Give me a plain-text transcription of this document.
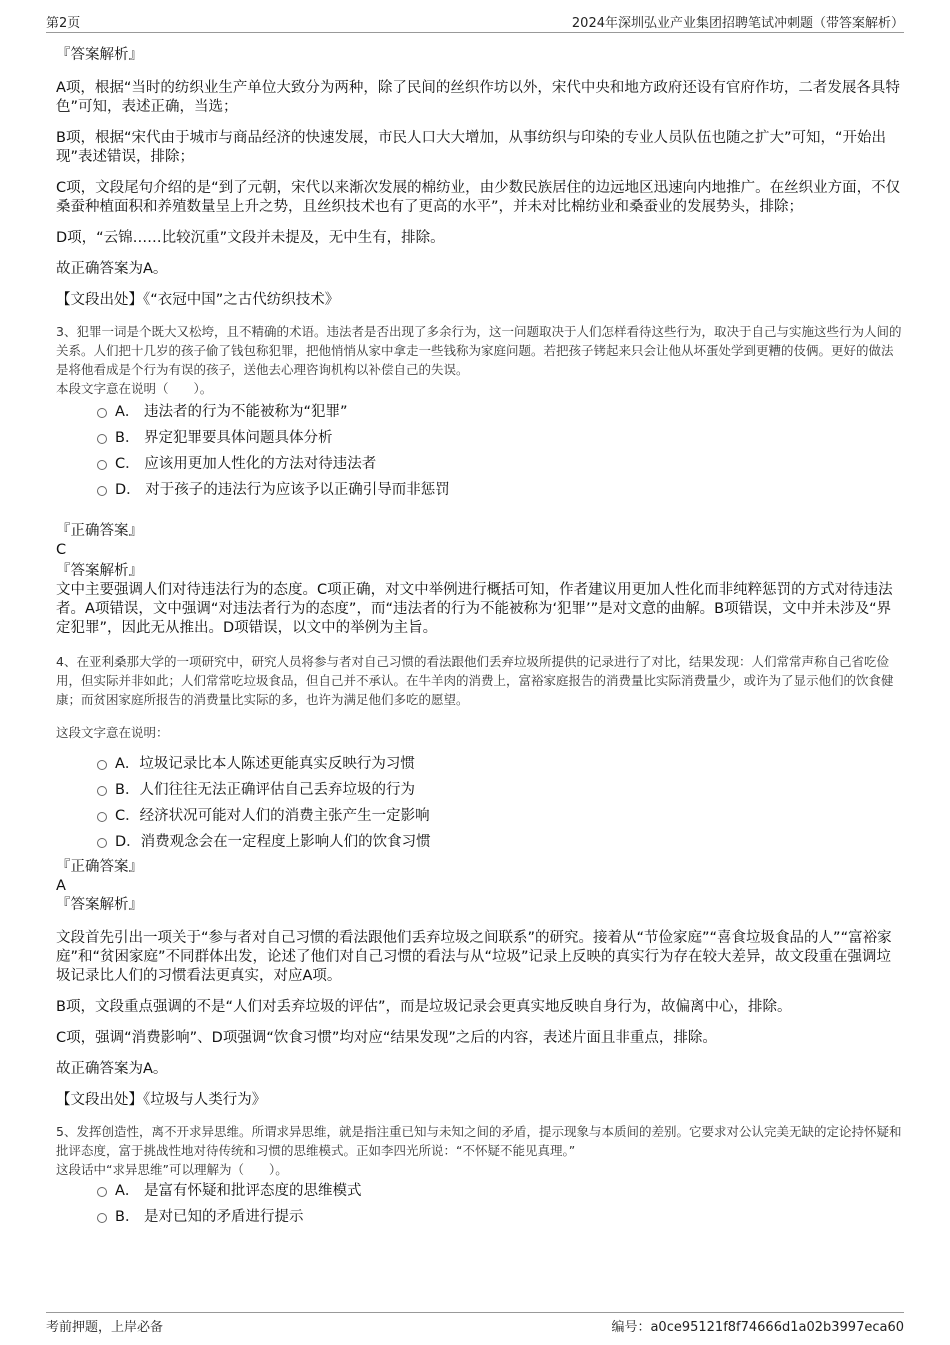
第2页	2024年深圳弘业产业集团招聘笔试冲刺题（带答案解析）

『答案解析』

A项，根据“当时的纺织业生产单位大致分为两种，除了民间的丝织作坊以外，宋代中央和地方政府还设有官府作坊，二者发展各具特色”可知，表述正确，当选；

B项，根据“宋代由于城市与商品经济的快速发展，市民人口大大增加，从事纺织与印染的专业人员队伍也随之扩大”可知，“开始出现”表述错误，排除；

C项，文段尾句介绍的是“到了元朝，宋代以来渐次发展的棉纺业，由少数民族居住的边远地区迅速向内地推广。在丝织业方面，不仅桑蚕种植面积和养殖数量呈上升之势，且丝织技术也有了更高的水平”，并未对比棉纺业和桑蚕业的发展势头，排除；

D项，“云锦……比较沉重”文段并未提及，无中生有，排除。

故正确答案为A。

【文段出处】《“衣冠中国”之古代纺织技术》

3、犯罪一词是个既大又松垮，且不精确的术语。违法者是否出现了多余行为，这一问题取决于人们怎样看待这些行为，取决于自己与实施这些行为人间的关系。人们把十几岁的孩子偷了钱包称犯罪，把他悄悄从家中拿走一些钱称为家庭问题。若把孩子铐起来只会让他从坏蛋处学到更糟的伎俩。更好的做法是将他看成是个行为有误的孩子，送他去心理咨询机构以补偿自己的失误。

本段文字意在说明（　　）。

A． 违法者的行为不能被称为“犯罪”
B． 界定犯罪要具体问题具体分析
C． 应该用更加人性化的方法对待违法者
D． 对于孩子的违法行为应该予以正确引导而非惩罚

『正确答案』

C

『答案解析』

文中主要强调人们对待违法行为的态度。C项正确，对文中举例进行概括可知，作者建议用更加人性化而非纯粹惩罚的方式对待违法者。A项错误，文中强调“对违法者行为的态度”，而“违法者的行为不能被称为‘犯罪’”是对文意的曲解。B项错误，文中并未涉及“界定犯罪”，因此无从推出。D项错误，以文中的举例为主旨。

4、在亚利桑那大学的一项研究中，研究人员将参与者对自己习惯的看法跟他们丢弃垃圾所提供的记录进行了对比，结果发现：人们常常声称自己省吃俭用，但实际并非如此；人们常常吃垃圾食品，但自己并不承认。在牛羊肉的消费上，富裕家庭报告的消费量比实际消费量少，或许为了显示他们的饮食健康；而贫困家庭所报告的消费量比实际的多，也许为满足他们多吃的愿望。

这段文字意在说明：

A．垃圾记录比本人陈述更能真实反映行为习惯
B．人们往往无法正确评估自己丢弃垃圾的行为
C．经济状况可能对人们的消费主张产生一定影响
D．消费观念会在一定程度上影响人们的饮食习惯

『正确答案』

A

『答案解析』

文段首先引出一项关于“参与者对自己习惯的看法跟他们丢弃垃圾之间联系”的研究。接着从“节俭家庭”“喜食垃圾食品的人”“富裕家庭”和“贫困家庭”不同群体出发，论述了他们对自己习惯的看法与从“垃圾”记录上反映的真实行为存在较大差异，故文段重在强调垃圾记录比人们的习惯看法更真实，对应A项。

B项，文段重点强调的不是“人们对丢弃垃圾的评估”，而是垃圾记录会更真实地反映自身行为，故偏离中心，排除。

C项，强调“消费影响”、D项强调“饮食习惯”均对应“结果发现”之后的内容，表述片面且非重点，排除。

故正确答案为A。

【文段出处】《垃圾与人类行为》

5、发挥创造性，离不开求异思维。所谓求异思维，就是指注重已知与未知之间的矛盾，提示现象与本质间的差别。它要求对公认完美无缺的定论持怀疑和批评态度，富于挑战性地对待传统和习惯的思维模式。正如李四光所说：“不怀疑不能见真理。”

这段话中“求异思维”可以理解为（　　）。

A． 是富有怀疑和批评态度的思维模式
B． 是对已知的矛盾进行提示
考前押题，上岸必备	编号：a0ce95121f8f74666d1a02b3997eca60
